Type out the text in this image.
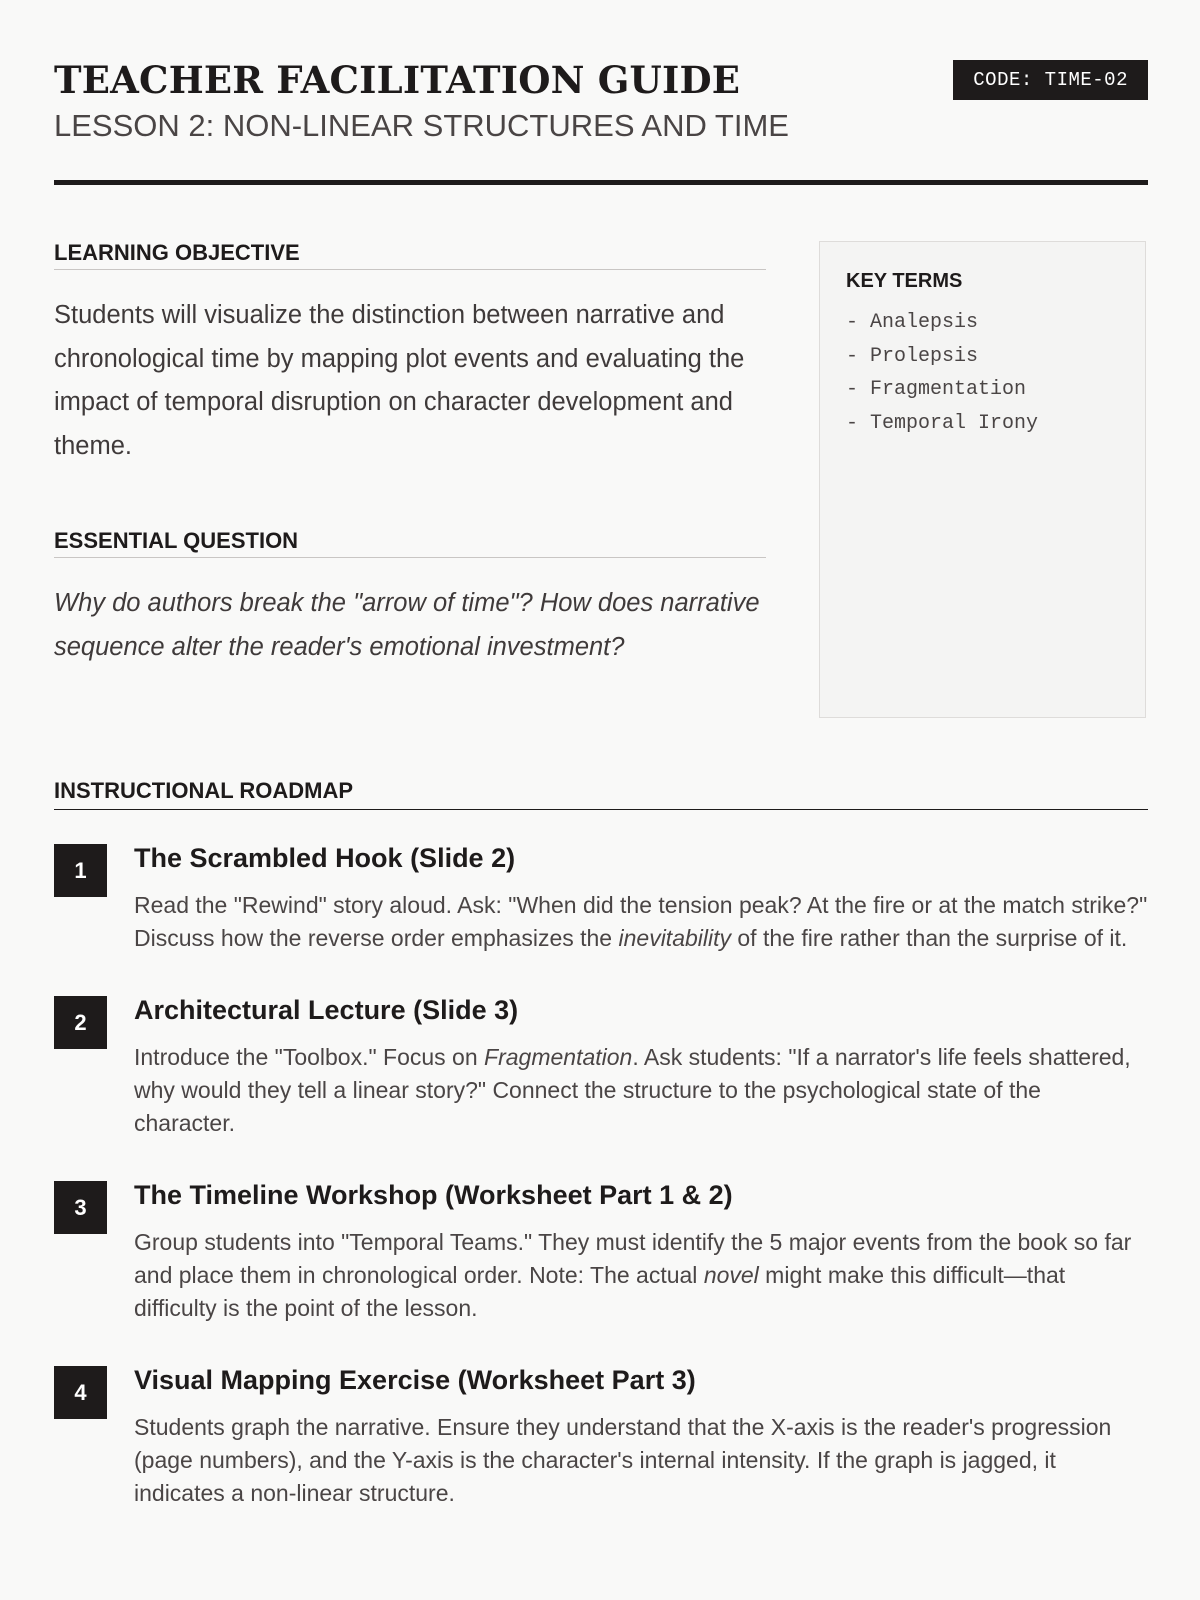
TEACHER FACILITATION GUIDE
LESSON 2: NON-LINEAR STRUCTURES AND TIME
CODE: TIME-02
LEARNING OBJECTIVE
Students will visualize the distinction between narrative and chronological time by mapping plot events and evaluating the impact of temporal disruption on character development and theme.
ESSENTIAL QUESTION
Why do authors break the "arrow of time"? How does narrative sequence alter the reader's emotional investment?
KEY TERMS
- Analepsis
- Prolepsis
- Fragmentation
- Temporal Irony
INSTRUCTIONAL ROADMAP
1	The Scrambled Hook (Slide 2)
Read the "Rewind" story aloud. Ask: "When did the tension peak? At the fire or at the match strike?" Discuss how the reverse order emphasizes the inevitability of the fire rather than the surprise of it.
2	Architectural Lecture (Slide 3)
Introduce the "Toolbox." Focus on Fragmentation. Ask students: "If a narrator's life feels shattered, why would they tell a linear story?" Connect the structure to the psychological state of the character.
3	The Timeline Workshop (Worksheet Part 1 & 2)
Group students into "Temporal Teams." They must identify the 5 major events from the book so far and place them in chronological order. Note: The actual novel might make this difficult—that difficulty is the point of the lesson.
4	Visual Mapping Exercise (Worksheet Part 3)
Students graph the narrative. Ensure they understand that the X-axis is the reader's progression (page numbers), and the Y-axis is the character's internal intensity. If the graph is jagged, it indicates a non-linear structure.
